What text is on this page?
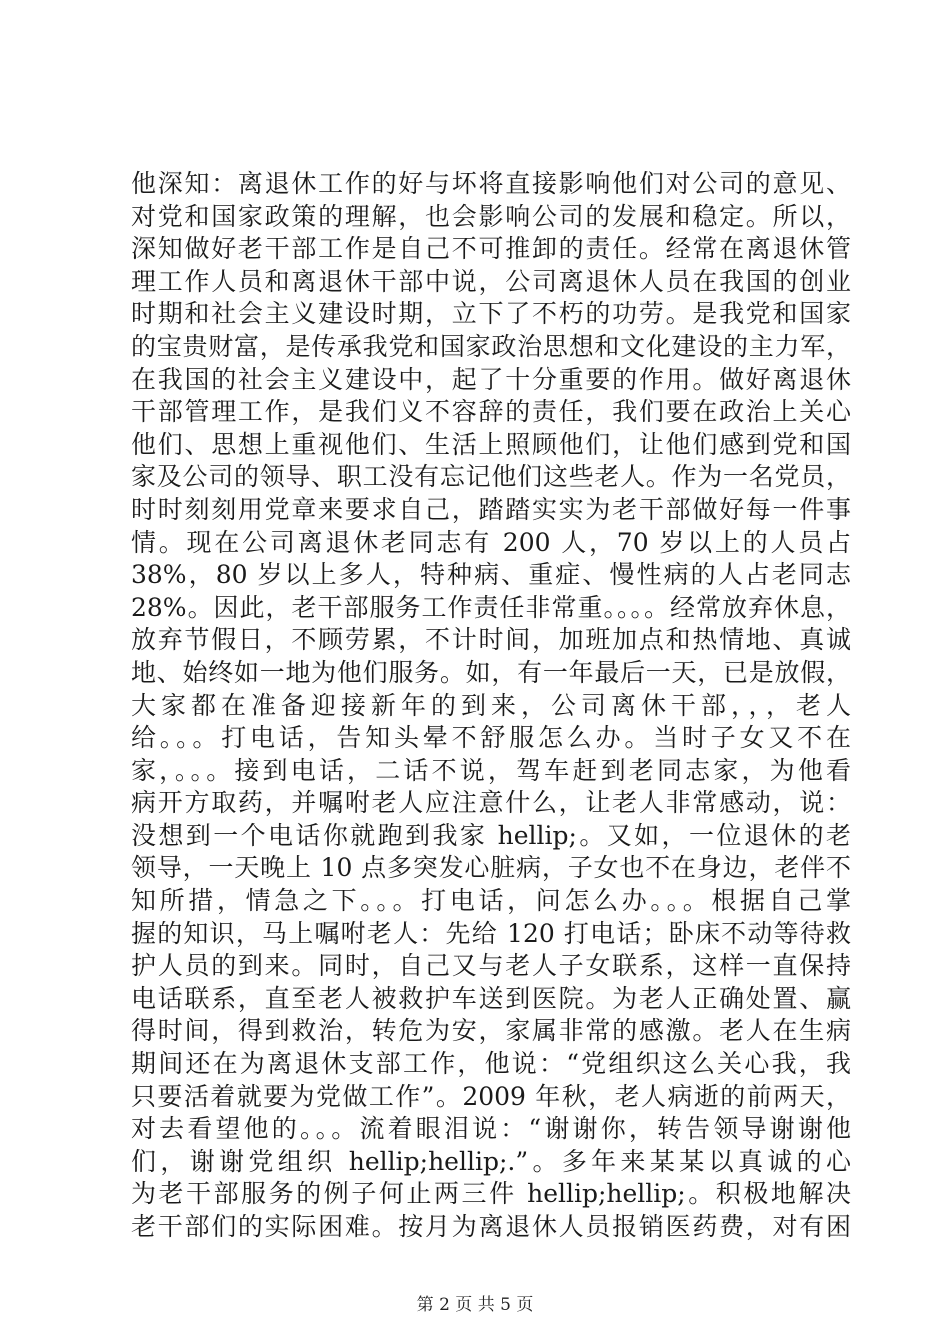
他深知：离退休工作的好与坏将直接影响他们对公司的意见、
对党和国家政策的理解，也会影响公司的发展和稳定。所以，
深知做好老干部工作是自己不可推卸的责任。经常在离退休管
理工作人员和离退休干部中说，公司离退休人员在我国的创业
时期和社会主义建设时期，立下了不朽的功劳。是我党和国家
的宝贵财富，是传承我党和国家政治思想和文化建设的主力军，
在我国的社会主义建设中，起了十分重要的作用。做好离退休
干部管理工作，是我们义不容辞的责任，我们要在政治上关心
他们、思想上重视他们、生活上照顾他们，让他们感到党和国
家及公司的领导、职工没有忘记他们这些老人。作为一名党员，
时时刻刻用党章来要求自己，踏踏实实为老干部做好每一件事
情。现在公司离退休老同志有 200 人，70 岁以上的人员占
38%，80 岁以上多人，特种病、重症、慢性病的人占老同志
28%。因此，老干部服务工作责任非常重。。。。经常放弃休息，
放弃节假日，不顾劳累，不计时间，加班加点和热情地、真诚
地、始终如一地为他们服务。如，有一年最后一天，已是放假，
大家都在准备迎接新年的到来，公司离休干部，，，老人
给。。。打电话，告知头晕不舒服怎么办。当时子女又不在
家，。。。接到电话，二话不说，驾车赶到老同志家，为他看
病开方取药，并嘱咐老人应注意什么，让老人非常感动，说：
没想到一个电话你就跑到我家 hellip;。又如，一位退休的老
领导，一天晚上 10 点多突发心脏病，子女也不在身边，老伴不
知所措，情急之下。。。打电话，问怎么办。。。根据自己掌
握的知识，马上嘱咐老人：先给 120 打电话；卧床不动等待救
护人员的到来。同时，自己又与老人子女联系，这样一直保持
电话联系，直至老人被救护车送到医院。为老人正确处置、赢
得时间，得到救治，转危为安，家属非常的感激。老人在生病
期间还在为离退休支部工作，他说：“党组织这么关心我，我
只要活着就要为党做工作”。2009 年秋，老人病逝的前两天，
对去看望他的。。。流着眼泪说：“谢谢你，转告领导谢谢他
们，谢谢党组织 hellip;hellip;.”。多年来某某以真诚的心
为老干部服务的例子何止两三件 hellip;hellip;。积极地解决
老干部们的实际困难。按月为离退休人员报销医药费，对有困
第 2 页 共 5 页
